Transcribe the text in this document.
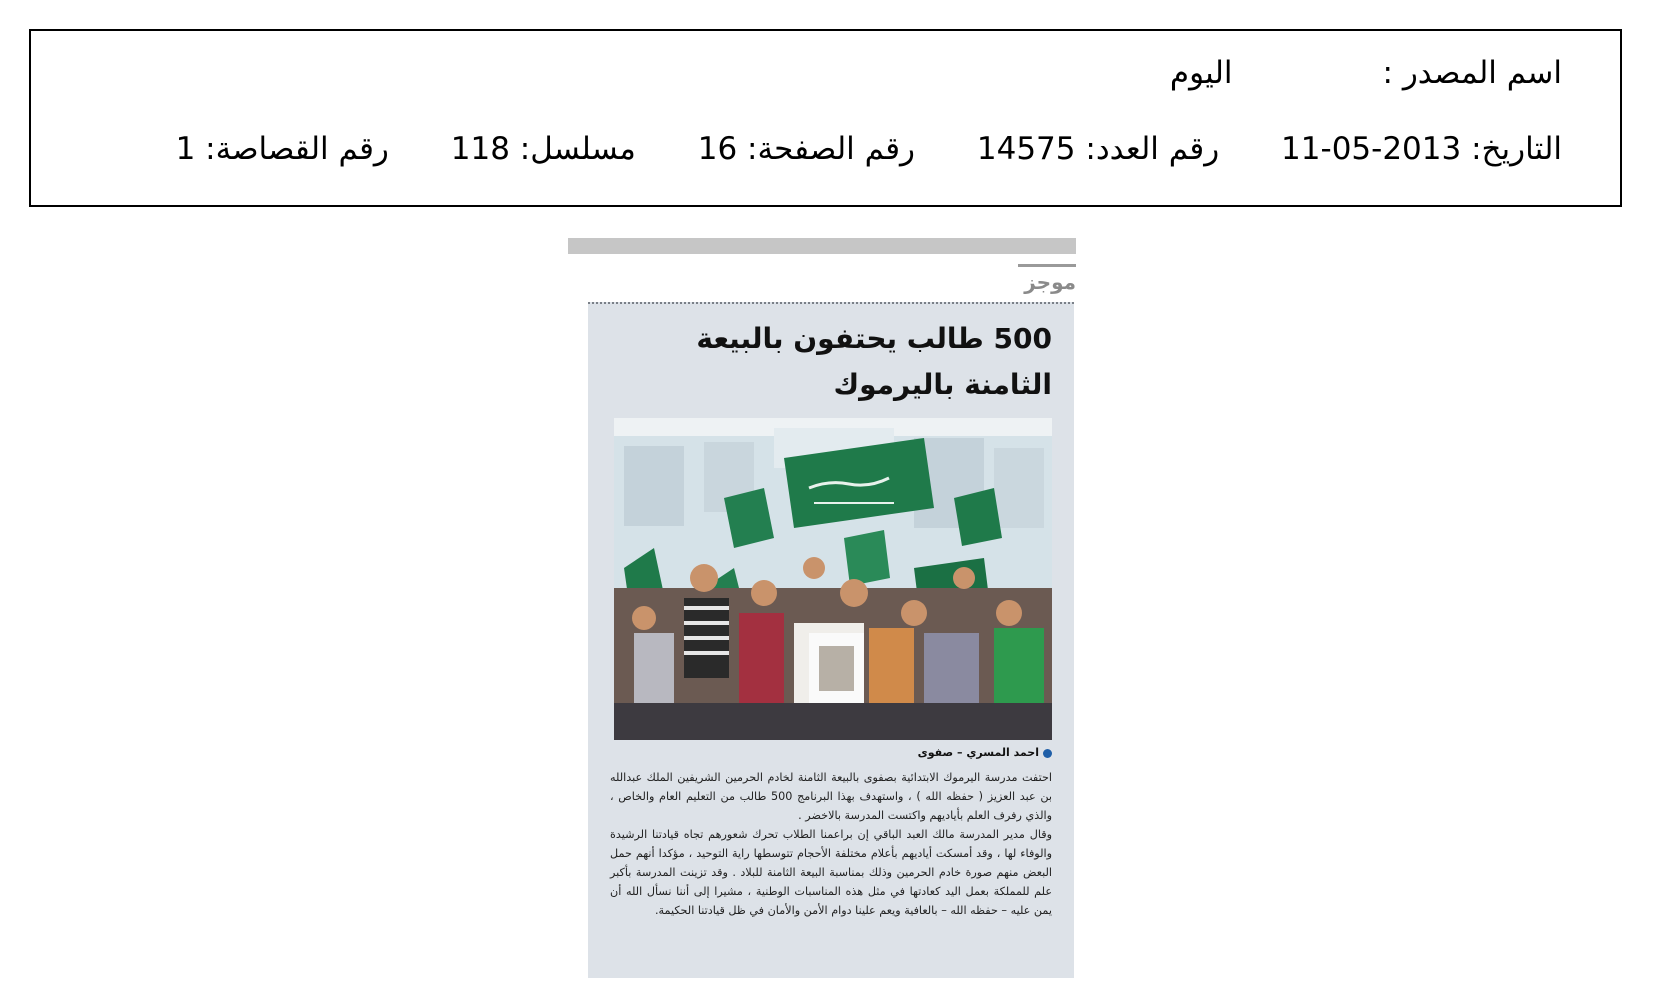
اسم المصدر :اليوم
التاريخ: 2013-05-11 رقم العدد: 14575 رقم الصفحة: 16 مسلسل: 118 رقم القصاصة: 1
موجز
500 طالب يحتفون بالبيعة الثامنة باليرموك
احمد المسري – صفوى

احتفت مدرسة اليرموك الابتدائية بصفوى بالبيعة الثامنة لخادم الحرمين الشريفين الملك عبدالله بن عبد العزيز ( حفظه الله ) ، واستهدف بهذا البرنامج 500 طالب من التعليم العام والخاص ، والذي رفرف العلم بأياديهم واكتست المدرسة بالاخضر .

وقال مدير المدرسة مالك العبد الباقي إن براعمنا الطلاب تحرك شعورهم تجاه قيادتنا الرشيدة والوفاء لها ، وقد أمسكت أياديهم بأعلام مختلفة الأحجام تتوسطها راية التوحيد ، مؤكدا أنهم حمل البعض منهم صورة خادم الحرمين وذلك بمناسبة البيعة الثامنة للبلاد . وقد تزينت المدرسة بأكبر علم للمملكة بعمل اليد كعادتها في مثل هذه المناسبات الوطنية ، مشيرا إلى أننا نسأل الله أن يمن عليه – حفظه الله – بالعافية ويعم علينا دوام الأمن والأمان في ظل قيادتنا الحكيمة.
